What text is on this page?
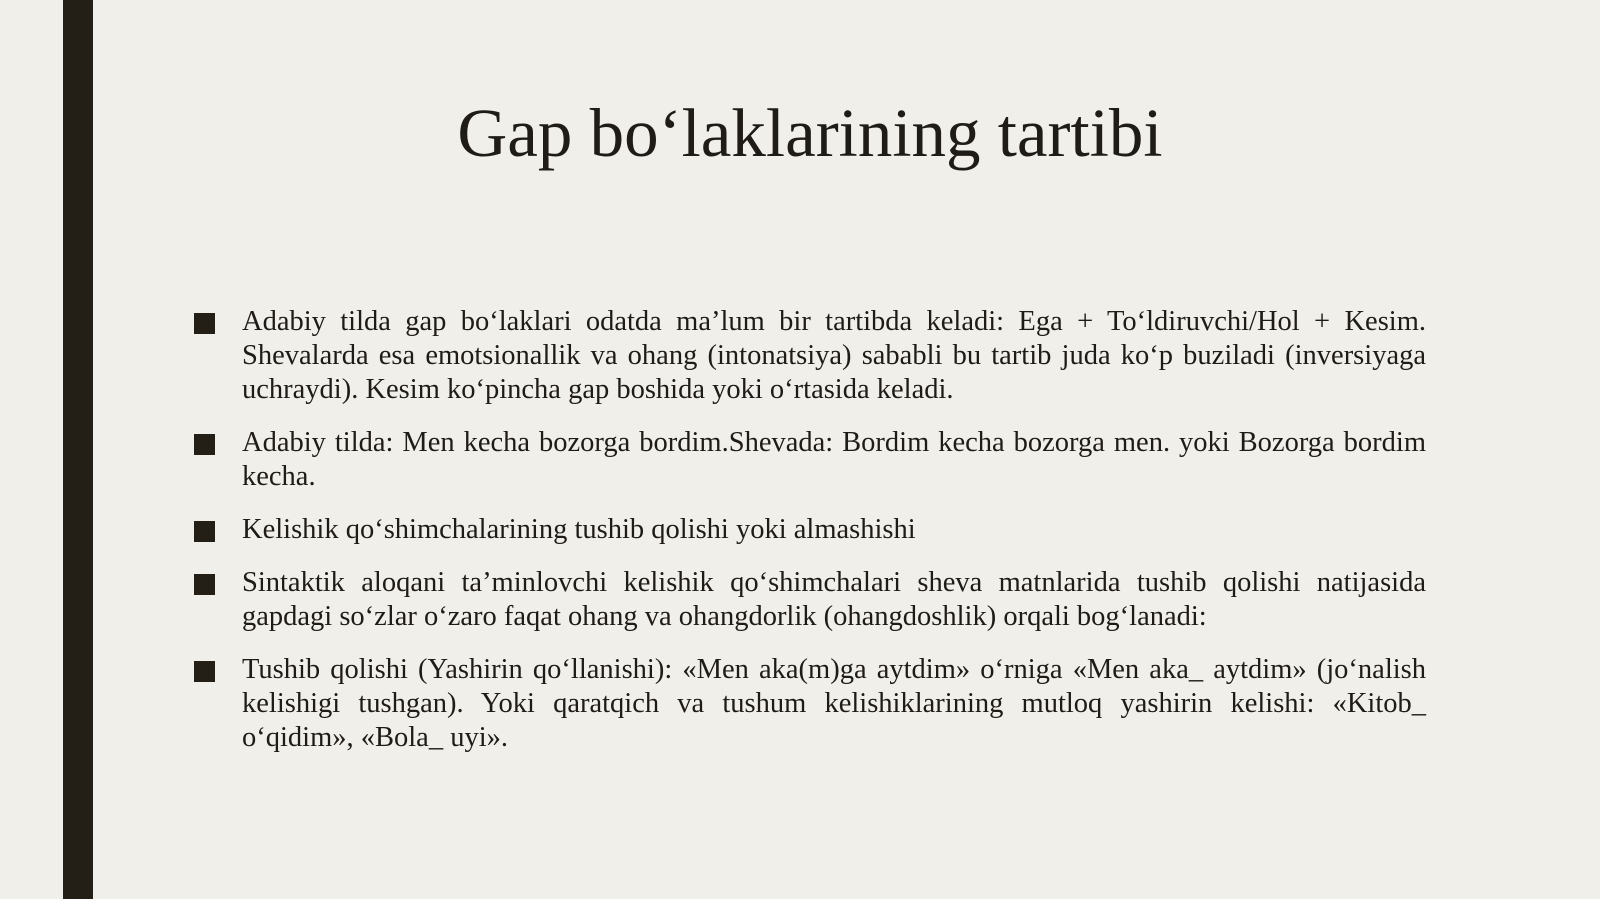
Gap bo‘laklarining tartibi
Adabiy tilda gap bo‘laklari odatda ma’lum bir tartibda keladi: Ega + To‘ldiruvchi/Hol + Kesim. Shevalarda esa emotsionallik va ohang (intonatsiya) sababli bu tartib juda ko‘p buziladi (inversiyaga uchraydi). Kesim ko‘pincha gap boshida yoki o‘rtasida keladi.
Adabiy tilda: Men kecha bozorga bordim.Shevada: Bordim kecha bozorga men. yoki Bozorga bordim kecha.
Kelishik qo‘shimchalarining tushib qolishi yoki almashishi
Sintaktik aloqani ta’minlovchi kelishik qo‘shimchalari sheva matnlarida tushib qolishi natijasida gapdagi so‘zlar o‘zaro faqat ohang va ohangdorlik (ohangdoshlik) orqali bog‘lanadi:
Tushib qolishi (Yashirin qo‘llanishi): «Men aka(m)ga aytdim» o‘rniga «Men aka_ aytdim» (jo‘nalish kelishigi tushgan). Yoki qaratqich va tushum kelishiklarining mutloq yashirin kelishi: «Kitob_ o‘qidim», «Bola_ uyi».
